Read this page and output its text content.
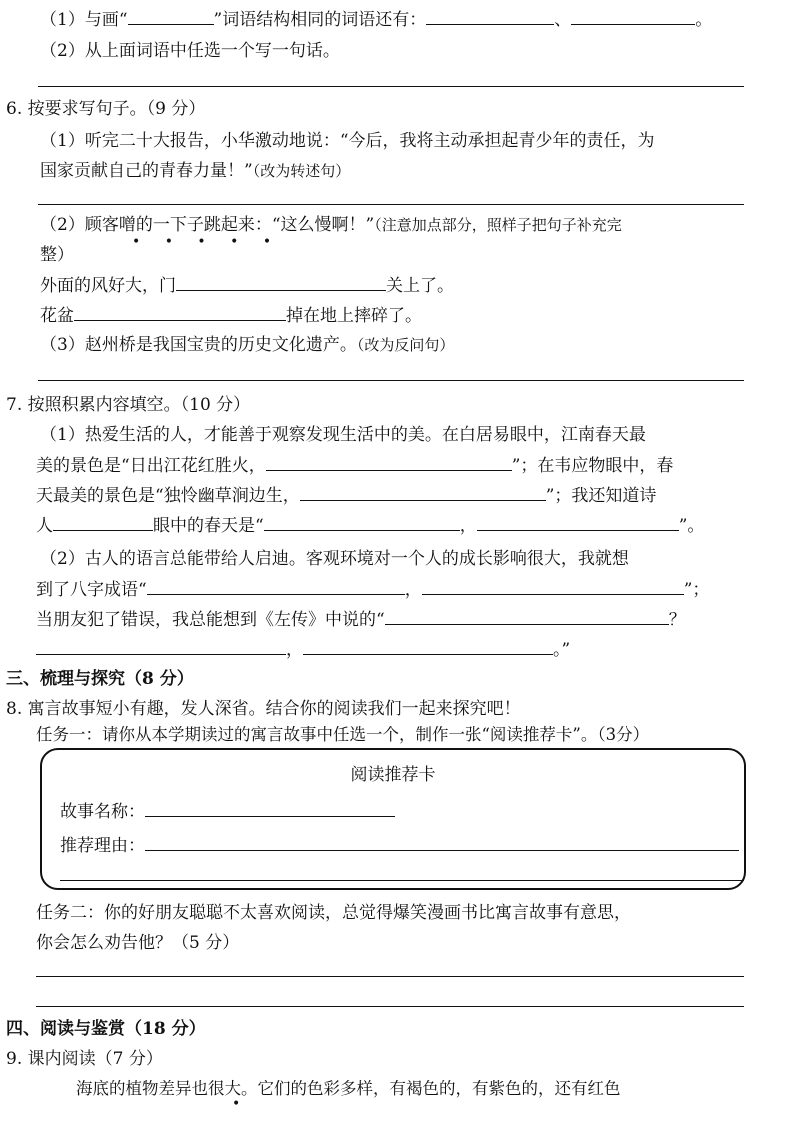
（1）与画“	”词语结构相同的词语还有：	、	。
（2）从上面词语中任选一个写一句话。
6. 按要求写句子。（9 分）
（1）听完二十大报告，小华激动地说：“今后，我将主动承担起青少年的责任，为
国家贡献自己的青春力量！”（改为转述句）
（2）顾客噌的一下子跳起来：“这么慢啊！”（注意加点部分，照样子把句子补充完
• • • • •
整）
外面的风好大，门	关上了。
花盆	掉在地上摔碎了。
（3）赵州桥是我国宝贵的历史文化遗产。（改为反问句）
7. 按照积累内容填空。（10 分）
（1）热爱生活的人，才能善于观察发现生活中的美。在白居易眼中，江南春天最
美的景色是“日出江花红胜火，	”；在韦应物眼中，春
天最美的景色是“独怜幽草涧边生，	”；我还知道诗
人	眼中的春天是“	，	”。
（2）古人的语言总能带给人启迪。客观环境对一个人的成长影响很大，我就想
到了八字成语“	，	”；
当朋友犯了错误，我总能想到《左传》中说的“	？
，	。”
三、梳理与探究（8 分）
8. 寓言故事短小有趣，发人深省。结合你的阅读我们一起来探究吧！
任务一：请你从本学期读过的寓言故事中任选一个，制作一张“阅读推荐卡”。（3分）
阅读推荐卡
故事名称：
推荐理由：
任务二：你的好朋友聪聪不太喜欢阅读，总觉得爆笑漫画书比寓言故事有意思，
你会怎么劝告他？（5 分）
四、阅读与鉴赏（18 分）
9. 课内阅读（7 分）
海底的植物差异也很大。它们的色彩多样，有褐色的，有紫色的，还有红色
•
